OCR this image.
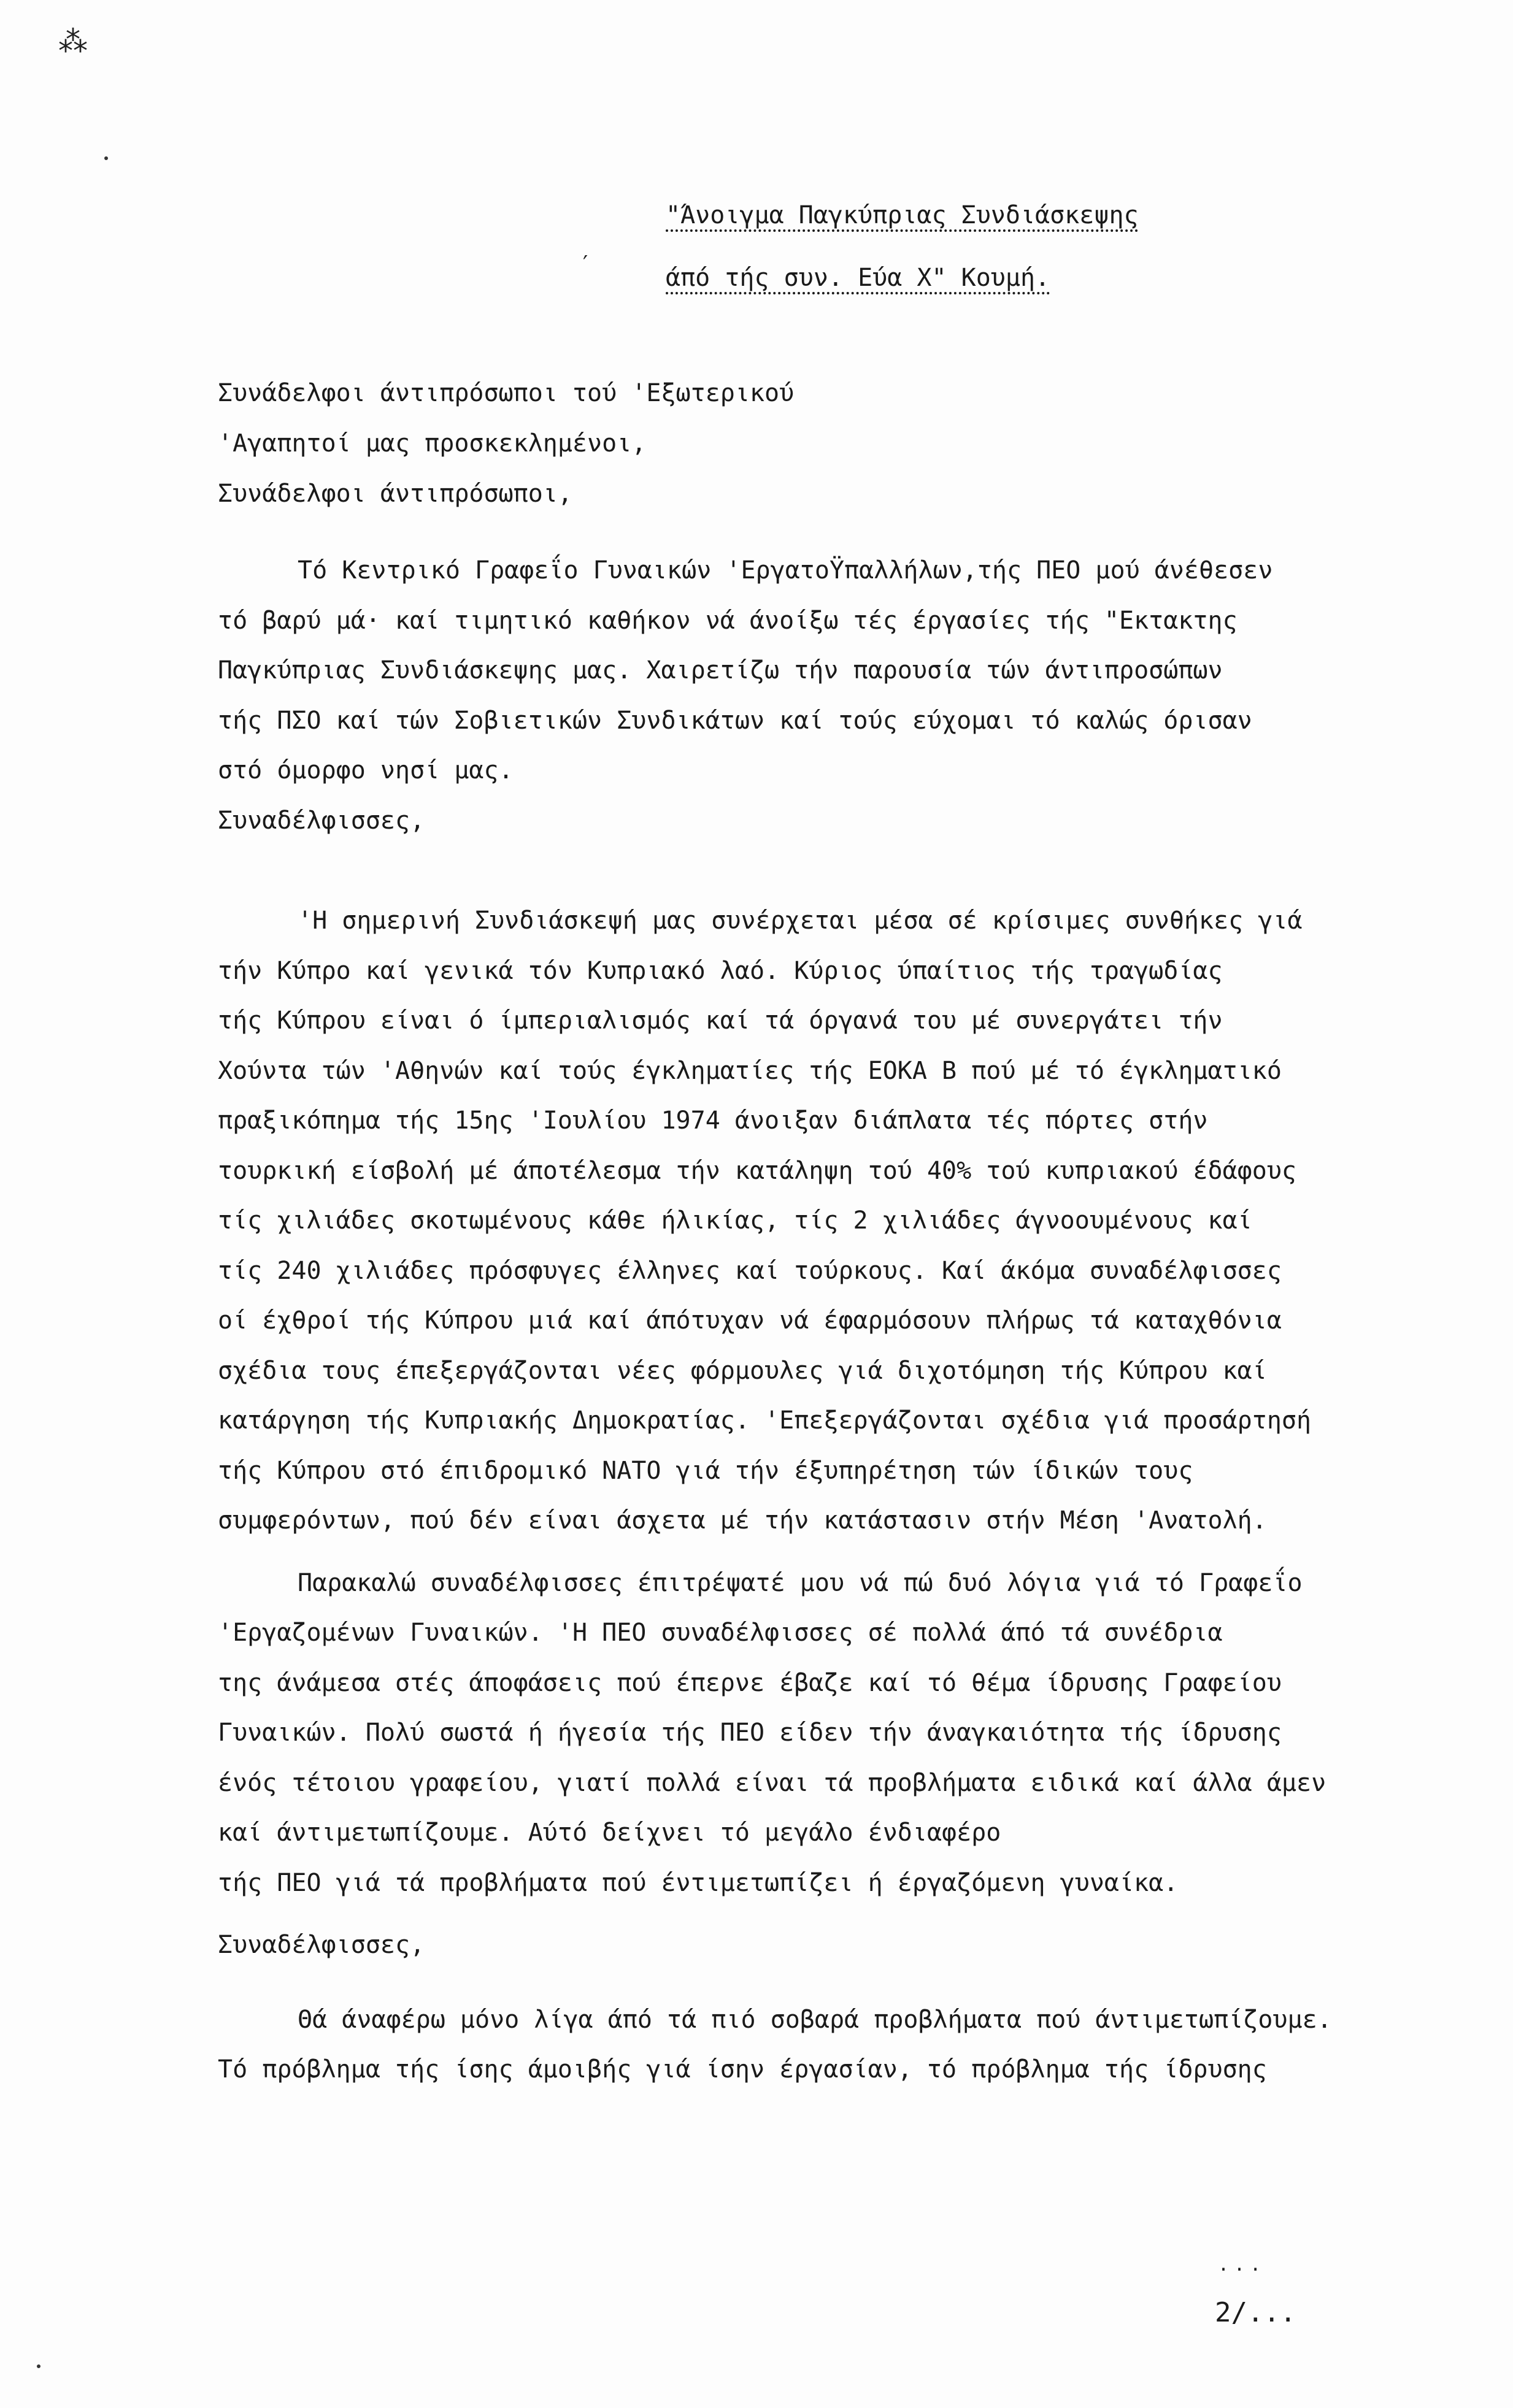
⁂
"Άνοιγμα Παγκύπριας Συνδιάσκεψης
άπό τής συν. Εύα Χ" Κουμή.
′
Συνάδελφοι άντιπρόσωποι τού 'Εξωτερικού
'Αγαπητοί μας προσκεκλημένοι,
Συνάδελφοι άντιπρόσωποι,

Τό Κεντρικό Γραφεΐο Γυναικών 'ΕργατοΫπαλλήλων,τής ΠΕΟ μού άνέθεσεν
τό βαρύ μά· καί τιμητικό καθήκον νά άνοίξω τές έργασίες τής "Εκτακτης
Παγκύπριας Συνδιάσκεψης μας. Χαιρετίζω τήν παρουσία τών άντιπροσώπων
τής ΠΣΟ καί τών Σοβιετικών Συνδικάτων καί τούς εύχομαι τό καλώς όρισαν
στό όμορφο νησί μας.

Συναδέλφισσες,

'Η σημερινή Συνδιάσκεψή μας συνέρχεται μέσα σέ κρίσιμες συνθήκες γιά
τήν Κύπρο καί γενικά τόν Κυπριακό λαό. Κύριος ύπαίτιος τής τραγωδίας
τής Κύπρου είναι ό ίμπεριαλισμός καί τά όργανά του μέ συνεργάτει τήν
Χούντα τών 'Αθηνών καί τούς έγκληματίες τής ΕΟΚΑ Β πού μέ τό έγκληματικό
πραξικόπημα τής 15ης 'Ιουλίου 1974 άνοιξαν διάπλατα τές πόρτες στήν
τουρκική είσβολή μέ άποτέλεσμα τήν κατάληψη τού 40% τού κυπριακού έδάφους
τίς χιλιάδες σκοτωμένους κάθε ήλικίας, τίς 2 χιλιάδες άγνοουμένους καί
τίς 240 χιλιάδες πρόσφυγες έλληνες καί τούρκους. Καί άκόμα συναδέλφισσες
οί έχθροί τής Κύπρου μιά καί άπότυχαν νά έφαρμόσουν πλήρως τά καταχθόνια
σχέδια τους έπεξεργάζονται νέες φόρμουλες γιά διχοτόμηση τής Κύπρου καί
κατάργηση τής Κυπριακής Δημοκρατίας. 'Επεξεργάζονται σχέδια γιά προσάρτησή
τής Κύπρου στό έπιδρομικό ΝΑΤΟ γιά τήν έξυπηρέτηση τών ίδικών τους
συμφερόντων, πού δέν είναι άσχετα μέ τήν κατάστασιν στήν Μέση 'Ανατολή.

Παρακαλώ συναδέλφισσες έπιτρέψατέ μου νά πώ δυό λόγια γιά τό Γραφεΐο
'Εργαζομένων Γυναικών. 'Η ΠΕΟ συναδέλφισσες σέ πολλά άπό τά συνέδρια
της άνάμεσα στές άποφάσεις πού έπερνε έβαζε καί τό θέμα ίδρυσης Γραφείου
Γυναικών. Πολύ σωστά ή ήγεσία τής ΠΕΟ είδεν τήν άναγκαιότητα τής ίδρυσης
ένός τέτοιου γραφείου, γιατί πολλά είναι τά προβλήματα ειδικά καί άλλα άμεν
καί άντιμετωπίζουμε. Αύτό δείχνει τό μεγάλο ένδιαφέρο
τής ΠΕΟ γιά τά προβλήματα πού έντιμετωπίζει ή έργαζόμενη γυναίκα.

Συναδέλφισσες,

Θά άναφέρω μόνο λίγα άπό τά πιό σοβαρά προβλήματα πού άντιμετωπίζουμε.
Τό πρόβλημα τής ίσης άμοιβής γιά ίσην έργασίαν, τό πρόβλημα τής ίδρυσης

...
2/...
